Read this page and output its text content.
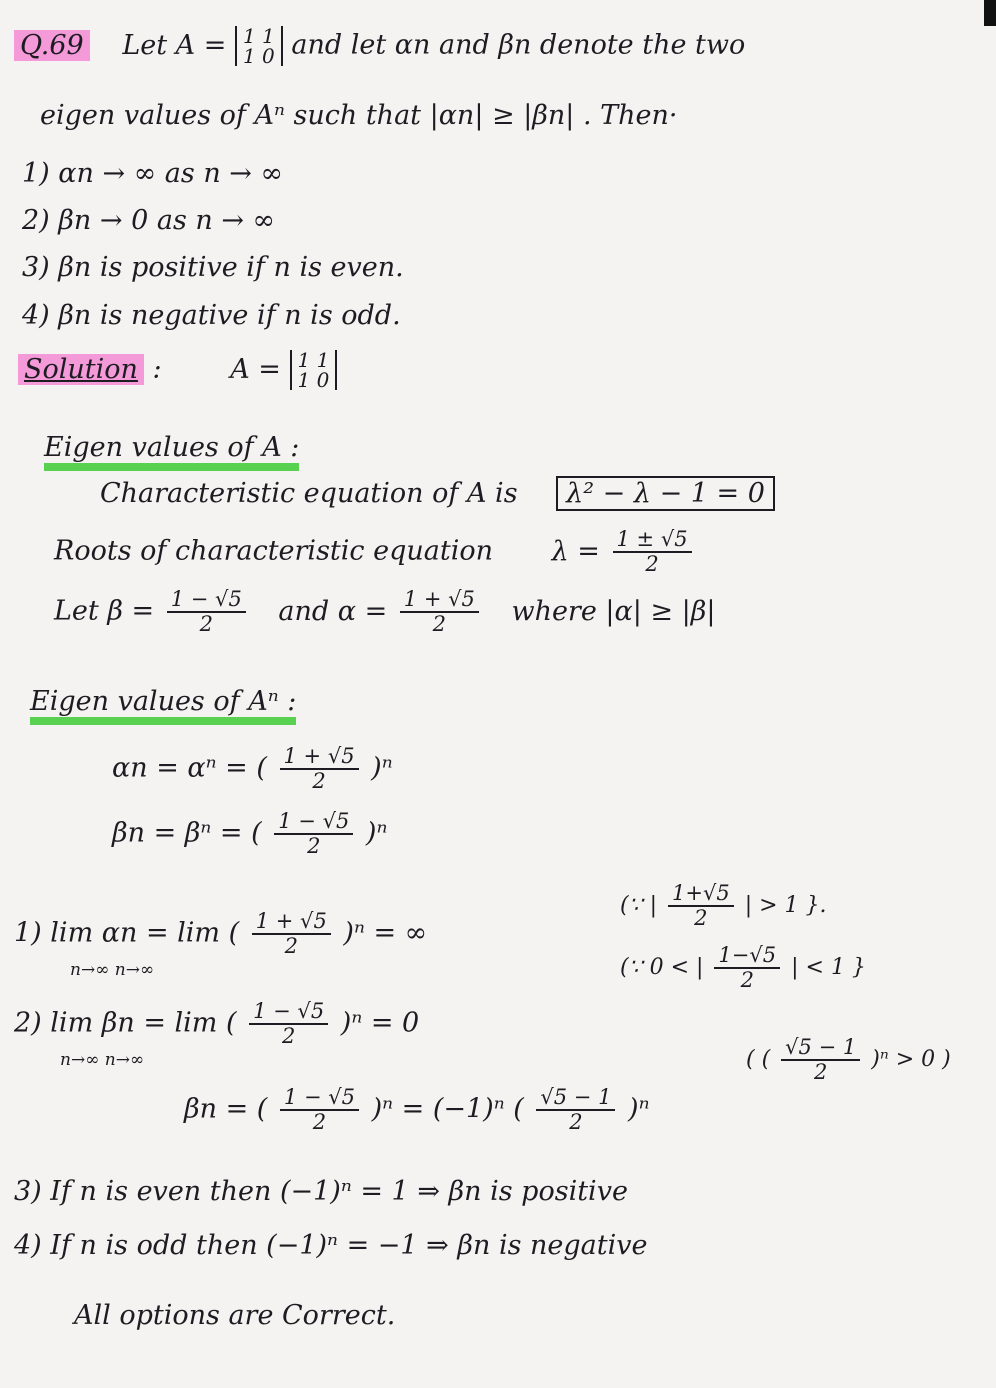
Q.69 Let A = 1 1
1 0 and let αn and βn denote the two
eigen values of Aⁿ such that |αn| ≥ |βn| . Then·
1) αn → ∞ as n → ∞
2) βn → 0 as n → ∞
3) βn is positive if n is even.
4) βn is negative if n is odd.
Solution :	A = 1 1
1 0
Eigen values of A :
Characteristic equation of A is λ² − λ − 1 = 0
Roots of characteristic equation $\lambda = \frac{1 \pm √5}{2}$
Let $\beta = \frac{1 - √5}{2}$ and $\alpha = \frac{1 + √5}{2}$ where |α| ≥ |β|
Eigen values of Aⁿ :
αn = αⁿ = ( $\frac{1 + √5}{2} )^n$
βn = βⁿ = ( $\frac{1 - √5}{2} )^n$
(∵ | $\frac{1+√5}{2}$ | > 1 }.
1) lim αn = lim ( $\frac{1 + √5}{2} )^n$ = ∞
n→∞ n→∞	(∵ 0 < | $\frac{1-√5}{2}$ | < 1 }
2) lim βn = lim ( $\frac{1 - √5}{2} )^n = 0$
n→∞ n→∞	( ( $\frac{√5 - 1}{2} )^n > 0$ )
βn = ( $\frac{1 - √5}{2} )^n = (-1)^n$ ( $\frac{√5 - 1}{2} )^n$
3) If n is even then (−1)ⁿ = 1 ⇒ βn is positive
4) If n is odd then (−1)ⁿ = −1 ⇒ βn is negative
All options are Correct.
